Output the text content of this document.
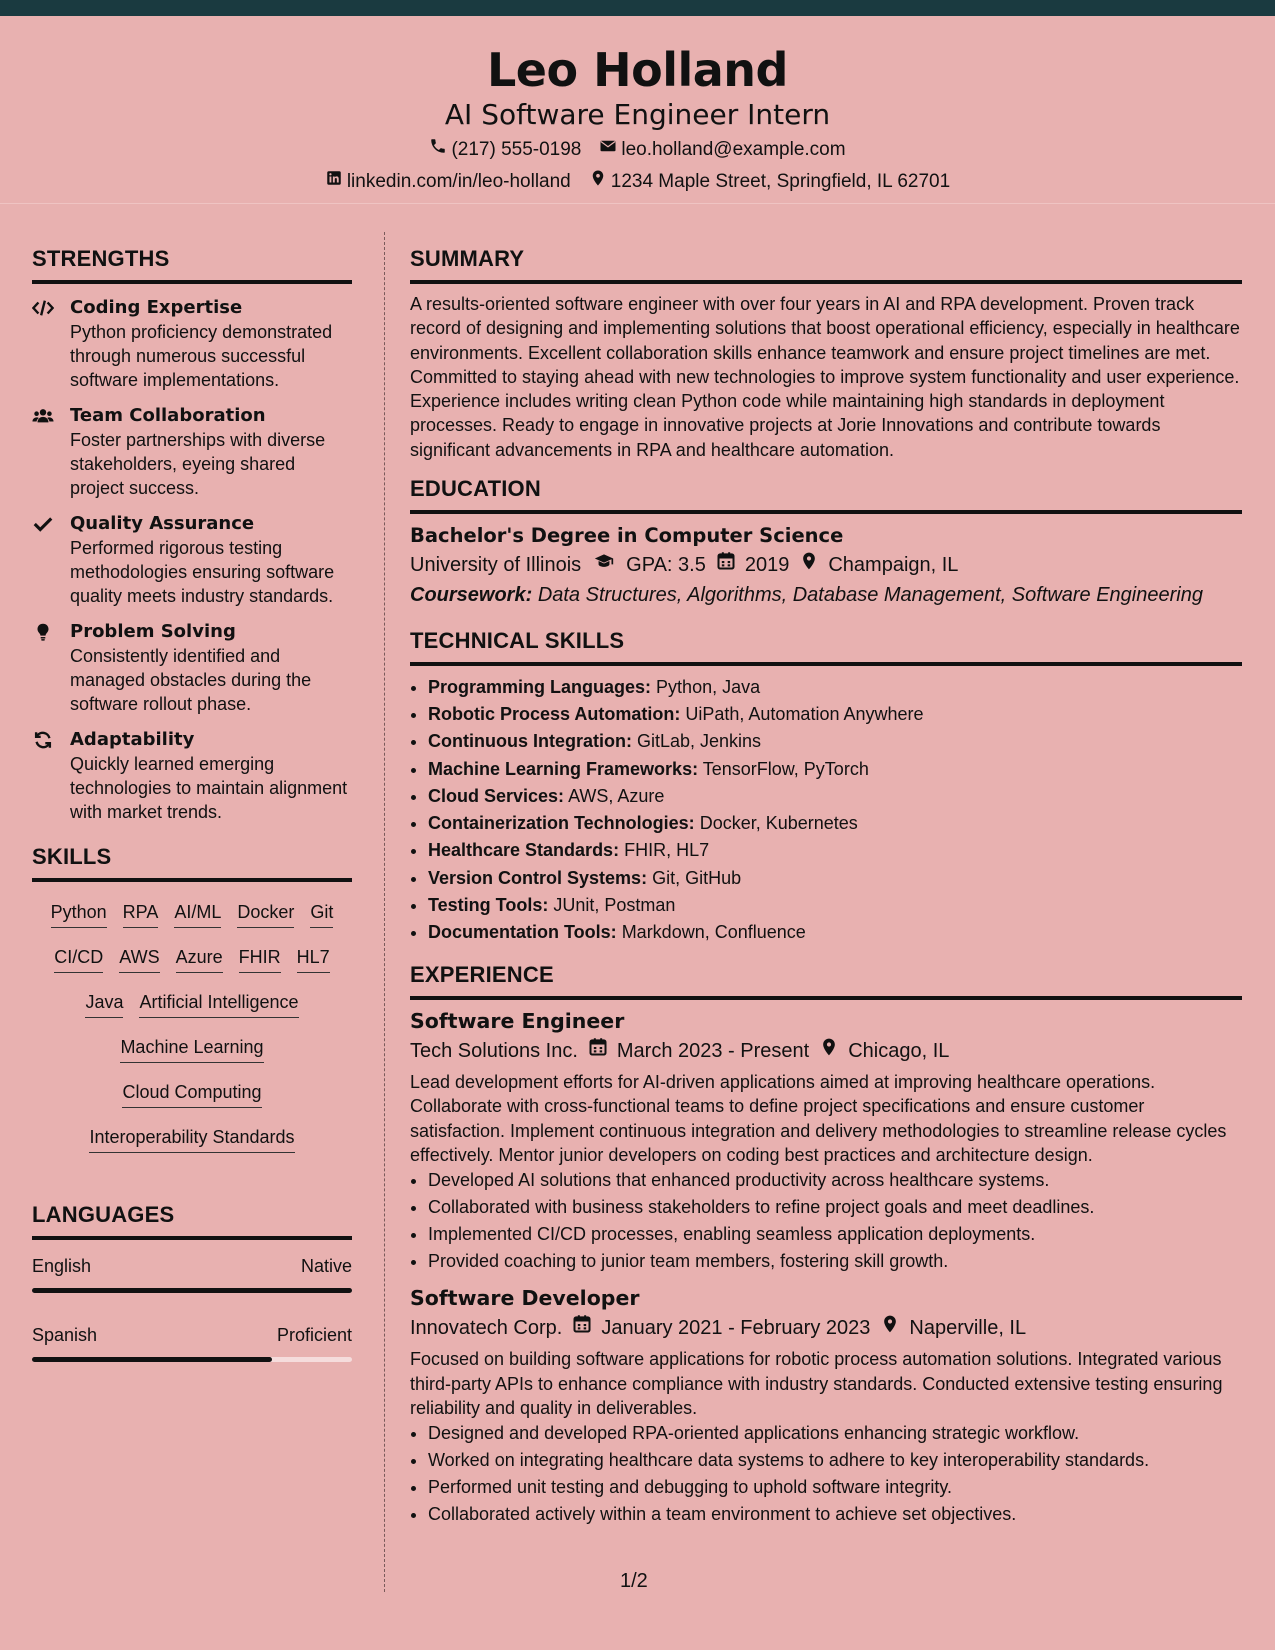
Leo Holland
AI Software Engineer Intern
(217) 555-0198 leo.holland@example.com
linkedin.com/in/leo-holland 1234 Maple Street, Springfield, IL 62701
STRENGTHS
Coding Expertise
Python proficiency demonstrated through numerous successful software implementations.
Team Collaboration
Foster partnerships with diverse stakeholders, eyeing shared project success.
Quality Assurance
Performed rigorous testing methodologies ensuring software quality meets industry standards.
Problem Solving
Consistently identified and managed obstacles during the software rollout phase.
Adaptability
Quickly learned emerging technologies to maintain alignment with market trends.
SKILLS
Python RPA AI/ML Docker Git
CI/CD AWS Azure FHIR HL7
Java Artificial Intelligence
Machine Learning
Cloud Computing
Interoperability Standards
LANGUAGES
English	Native
Spanish	Proficient
SUMMARY

A results-oriented software engineer with over four years in AI and RPA development. Proven track record of designing and implementing solutions that boost operational efficiency, especially in healthcare environments. Excellent collaboration skills enhance teamwork and ensure project timelines are met. Committed to staying ahead with new technologies to improve system functionality and user experience. Experience includes writing clean Python code while maintaining high standards in deployment processes. Ready to engage in innovative projects at Jorie Innovations and contribute towards significant advancements in RPA and healthcare automation.

EDUCATION
Bachelor's Degree in Computer Science
University of Illinois GPA: 3.5 2019 Champaign, IL
Coursework: Data Structures, Algorithms, Database Management, Software Engineering
TECHNICAL SKILLS
• Programming Languages: Python, Java
• Robotic Process Automation: UiPath, Automation Anywhere
• Continuous Integration: GitLab, Jenkins
• Machine Learning Frameworks: TensorFlow, PyTorch
• Cloud Services: AWS, Azure
• Containerization Technologies: Docker, Kubernetes
• Healthcare Standards: FHIR, HL7
• Version Control Systems: Git, GitHub
• Testing Tools: JUnit, Postman
• Documentation Tools: Markdown, Confluence
EXPERIENCE
Software Engineer
Tech Solutions Inc. March 2023 - Present Chicago, IL

Lead development efforts for AI-driven applications aimed at improving healthcare operations. Collaborate with cross-functional teams to define project specifications and ensure customer satisfaction. Implement continuous integration and delivery methodologies to streamline release cycles effectively. Mentor junior developers on coding best practices and architecture design.

• Developed AI solutions that enhanced productivity across healthcare systems.
• Collaborated with business stakeholders to refine project goals and meet deadlines.
• Implemented CI/CD processes, enabling seamless application deployments.
• Provided coaching to junior team members, fostering skill growth.
Software Developer
Innovatech Corp. January 2021 - February 2023 Naperville, IL

Focused on building software applications for robotic process automation solutions. Integrated various third-party APIs to enhance compliance with industry standards. Conducted extensive testing ensuring reliability and quality in deliverables.

• Designed and developed RPA-oriented applications enhancing strategic workflow.
• Worked on integrating healthcare data systems to adhere to key interoperability standards.
• Performed unit testing and debugging to uphold software integrity.
• Collaborated actively within a team environment to achieve set objectives.
1/2
